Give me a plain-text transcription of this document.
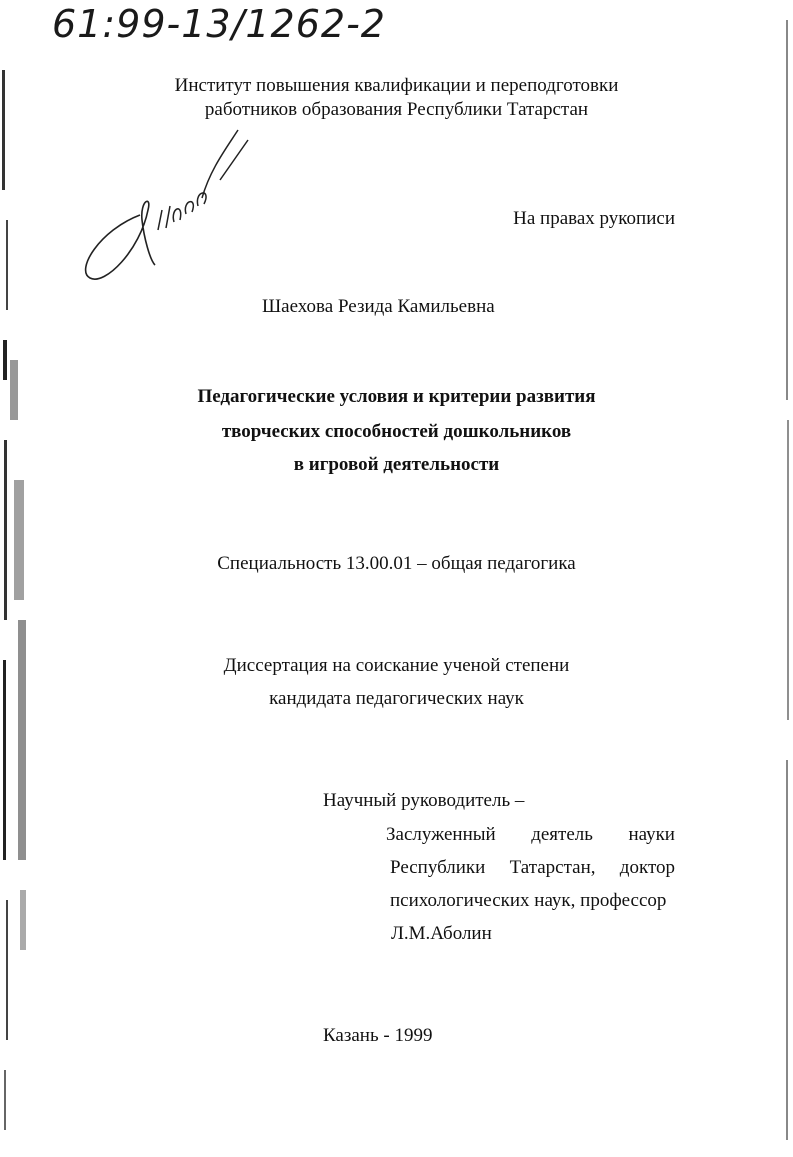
61:99-13/1262-2
Институт повышения квалификации и переподготовки
работников образования Республики Татарстан
На правах рукописи
Шаехова Резида Камильевна
Педагогические условия и критерии развития
творческих способностей дошкольников
в игровой деятельности
Специальность 13.00.01 – общая педагогика
Диссертация на соискание ученой степени
кандидата педагогических наук
Научный руководитель –
Заслуженный деятель науки
Республики Татарстан, доктор
психологических наук, профессор
Л.М.Аболин
Казань - 1999
